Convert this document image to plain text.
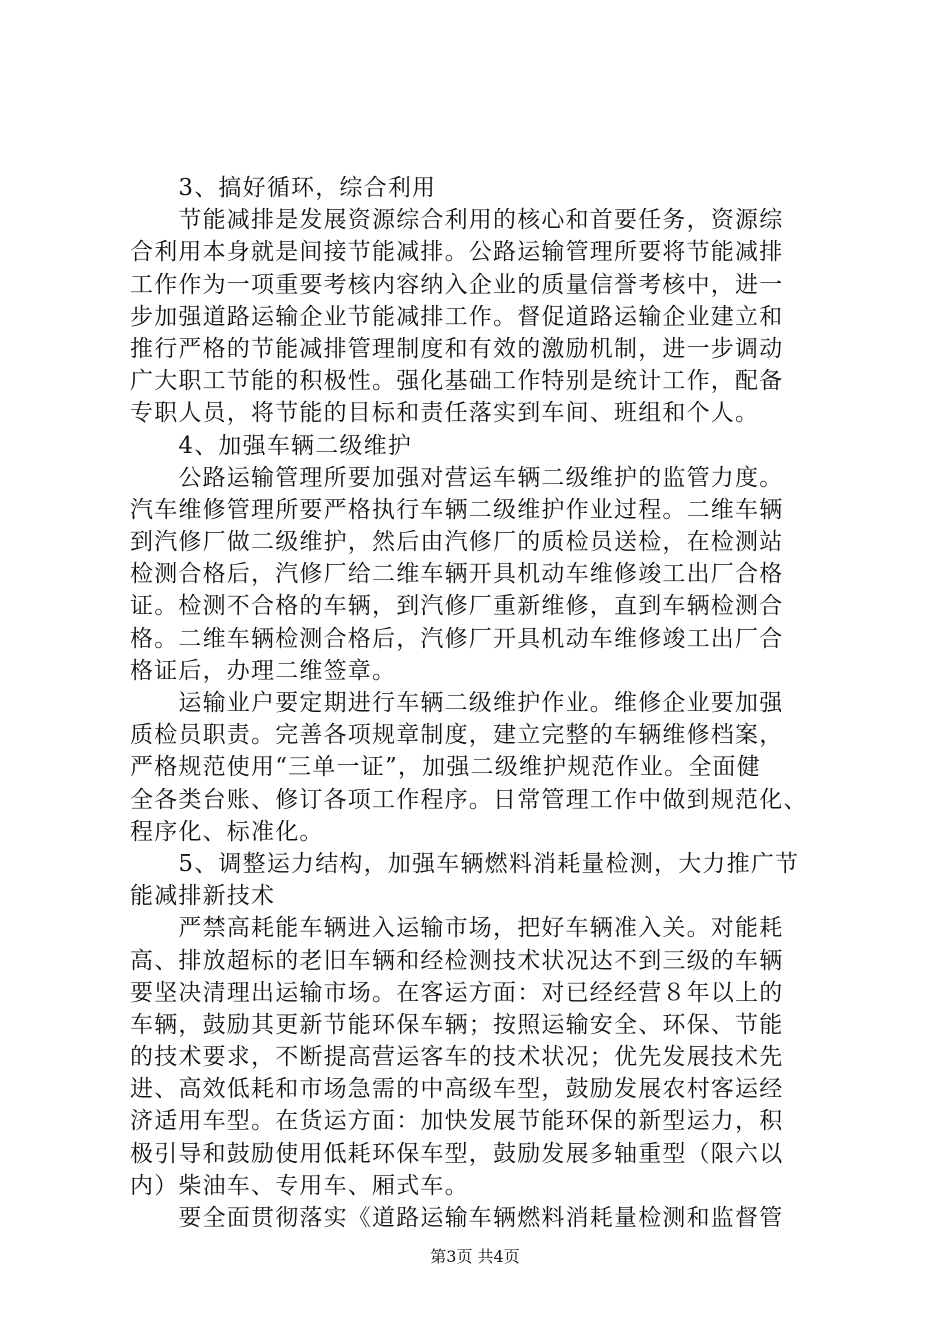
3、搞好循环，综合利用
节能减排是发展资源综合利用的核心和首要任务，资源综
合利用本身就是间接节能减排。公路运输管理所要将节能减排
工作作为一项重要考核内容纳入企业的质量信誉考核中，进一
步加强道路运输企业节能减排工作。督促道路运输企业建立和
推行严格的节能减排管理制度和有效的激励机制，进一步调动
广大职工节能的积极性。强化基础工作特别是统计工作，配备
专职人员，将节能的目标和责任落实到车间、班组和个人。
4、加强车辆二级维护
公路运输管理所要加强对营运车辆二级维护的监管力度。
汽车维修管理所要严格执行车辆二级维护作业过程。二维车辆
到汽修厂做二级维护，然后由汽修厂的质检员送检，在检测站
检测合格后，汽修厂给二维车辆开具机动车维修竣工出厂合格
证。检测不合格的车辆，到汽修厂重新维修，直到车辆检测合
格。二维车辆检测合格后，汽修厂开具机动车维修竣工出厂合
格证后，办理二维签章。
运输业户要定期进行车辆二级维护作业。维修企业要加强
质检员职责。完善各项规章制度，建立完整的车辆维修档案，
严格规范使用“三单一证”，加强二级维护规范作业。全面健
全各类台账、修订各项工作程序。日常管理工作中做到规范化、
程序化、标准化。
5、调整运力结构，加强车辆燃料消耗量检测，大力推广节
能减排新技术
严禁高耗能车辆进入运输市场，把好车辆准入关。对能耗
高、排放超标的老旧车辆和经检测技术状况达不到三级的车辆
要坚决清理出运输市场。在客运方面：对已经经营８年以上的
车辆，鼓励其更新节能环保车辆；按照运输安全、环保、节能
的技术要求，不断提高营运客车的技术状况；优先发展技术先
进、高效低耗和市场急需的中高级车型，鼓励发展农村客运经
济适用车型。在货运方面：加快发展节能环保的新型运力，积
极引导和鼓励使用低耗环保车型，鼓励发展多轴重型（限六以
内）柴油车、专用车、厢式车。
要全面贯彻落实《道路运输车辆燃料消耗量检测和监督管
第3页 共4页
